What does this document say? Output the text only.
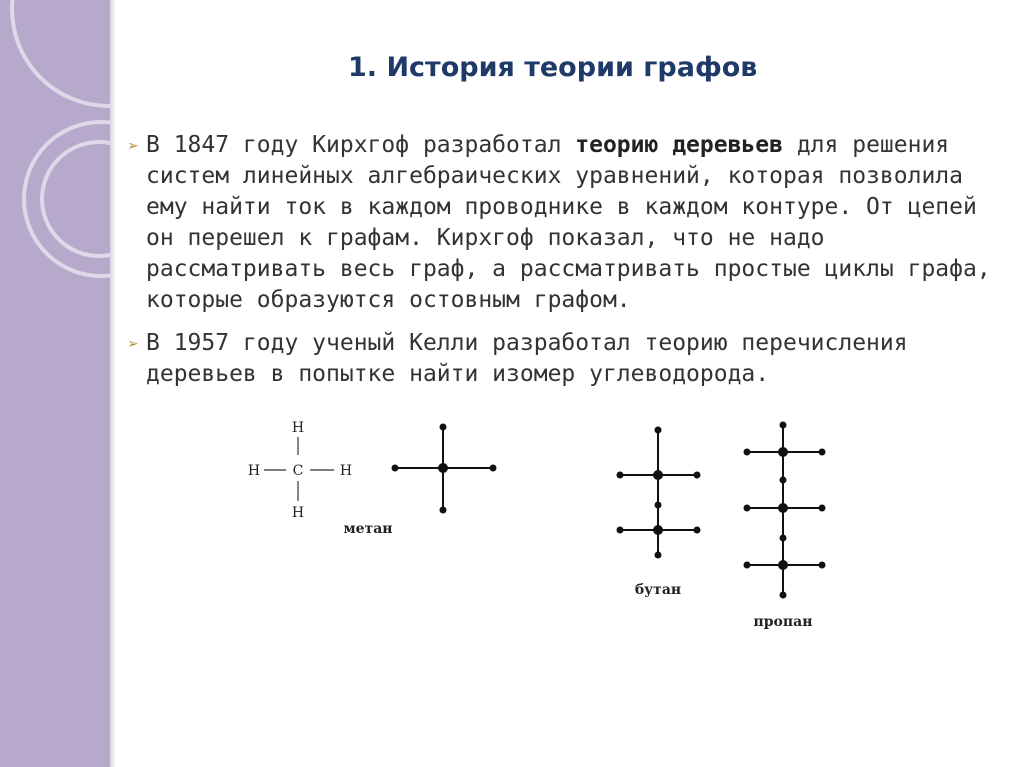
1. История теории графов

➢ В 1847 году Кирхгоф разработал теорию деревьев для решения систем линейных алгебраических уравнений, которая позволила ему найти ток в каждом проводнике в каждом контуре. От цепей он перешел к графам. Кирхгоф показал, что не надо рассматривать весь граф, а рассматривать простые циклы графа, которые образуются остовным графом.

➢ В 1957 году ученый Келли разработал теорию перечисления деревьев в попытке найти изомер углеводорода.

H
H C	H
H
метан
бутан
пропан
